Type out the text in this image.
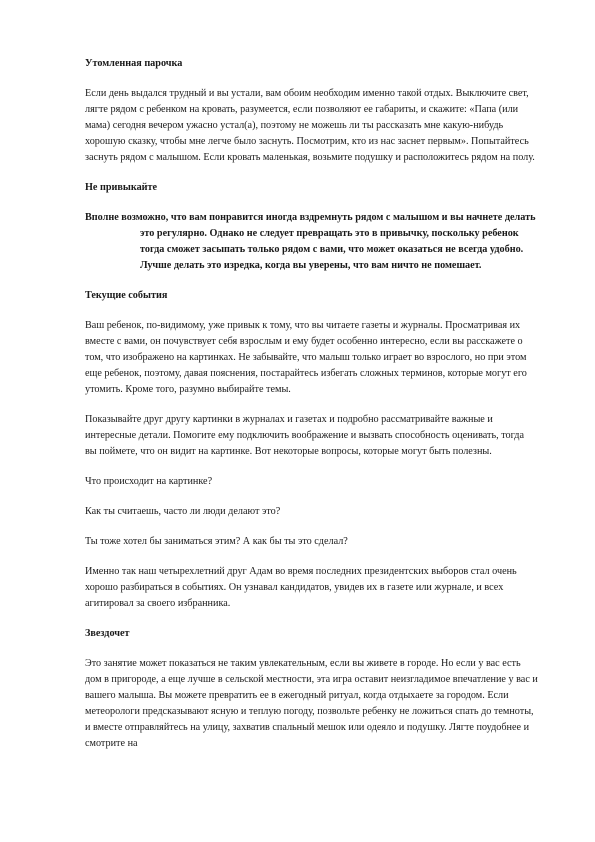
Утомленная парочка

Если день выдался трудный и вы устали, вам обоим необходим именно такой отдых. Выключите свет, лягте рядом с ребенком на кровать, разумеется, если позволяют ее габариты, и скажите: «Папа (или мама) сегодня вечером ужасно устал(а), поэтому не можешь ли ты рассказать мне какую-нибудь хорошую сказку, чтобы мне легче было заснуть. Посмотрим, кто из нас заснет первым». Попытайтесь заснуть рядом с малышом. Если кровать маленькая, возьмите подушку и расположитесь рядом на полу.

Не привыкайте

Вполне возможно, что вам понравится иногда вздремнуть рядом с малышом и вы начнете делать это регулярно. Однако не следует превращать это в привычку, поскольку ребенок тогда сможет засыпать только рядом с вами, что может оказаться не всегда удобно. Лучше делать это изредка, когда вы уверены, что вам ничто не помешает.

Текущие события

Ваш ребенок, по-видимому, уже привык к тому, что вы читаете газеты и журналы. Просматривая их вместе с вами, он почувствует себя взрослым и ему будет особенно интересно, если вы расскажете о том, что изображено на картинках. Не забывайте, что малыш только играет во взрослого, но при этом еще ребенок, поэтому, давая пояснения, постарайтесь избегать сложных терминов, которые могут его утомить. Кроме того, разумно выбирайте темы.

Показывайте друг другу картинки в журналах и газетах и подробно рассматривайте важные и интересные детали. Помогите ему подключить воображение и вызвать способность оценивать, тогда вы поймете, что он видит на картинке. Вот некоторые вопросы, которые могут быть полезны.

Что происходит на картинке?

Как ты считаешь, часто ли люди делают это?

Ты тоже хотел бы заниматься этим? А как бы ты это сделал?

Именно так наш четырехлетний друг Адам во время последних президентских выборов стал очень хорошо разбираться в событиях. Он узнавал кандидатов, увидев их в газете или журнале, и всех агитировал за своего избранника.

Звездочет

Это занятие может показаться не таким увлекательным, если вы живете в городе. Но если у вас есть дом в пригороде, а еще лучше в сельской местности, эта игра оставит неизгладимое впечатление у вас и вашего малыша. Вы можете превратить ее в ежегодный ритуал, когда отдыхаете за городом. Если метеорологи предсказывают ясную и теплую погоду, позвольте ребенку не ложиться спать до темноты, и вместе отправляйтесь на улицу, захватив спальный мешок или одеяло и подушку. Лягте поудобнее и смотрите на
